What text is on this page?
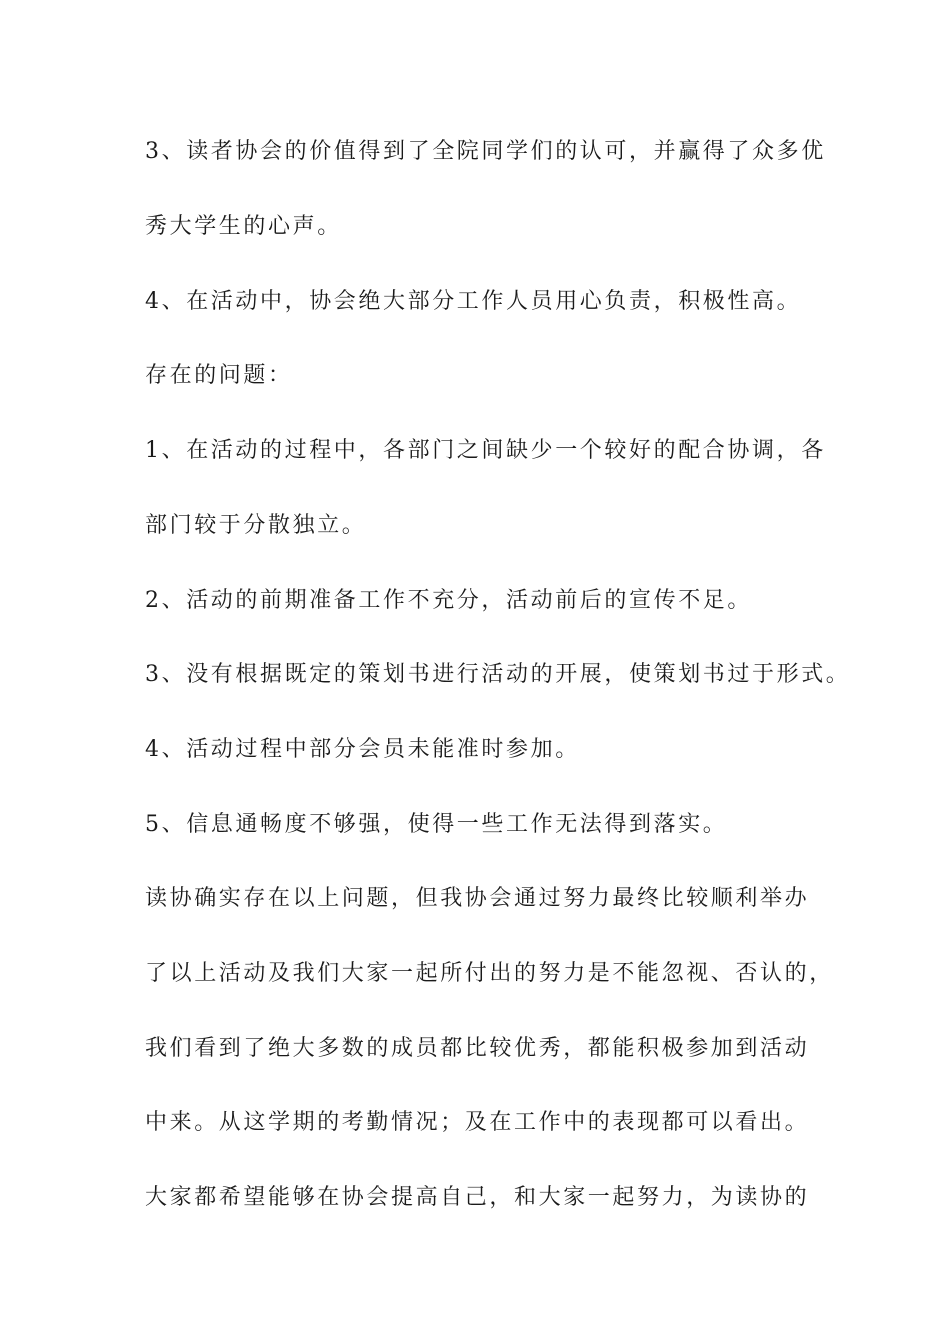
3、读者协会的价值得到了全院同学们的认可，并赢得了众多优
秀大学生的心声。
4、在活动中，协会绝大部分工作人员用心负责，积极性高。
存在的问题：
1、在活动的过程中，各部门之间缺少一个较好的配合协调，各
部门较于分散独立。
2、活动的前期准备工作不充分，活动前后的宣传不足。
3、没有根据既定的策划书进行活动的开展，使策划书过于形式。
4、活动过程中部分会员未能准时参加。
5、信息通畅度不够强，使得一些工作无法得到落实。
读协确实存在以上问题，但我协会通过努力最终比较顺利举办
了以上活动及我们大家一起所付出的努力是不能忽视、否认的，
我们看到了绝大多数的成员都比较优秀，都能积极参加到活动
中来。从这学期的考勤情况；及在工作中的表现都可以看出。
大家都希望能够在协会提高自己，和大家一起努力，为读协的
